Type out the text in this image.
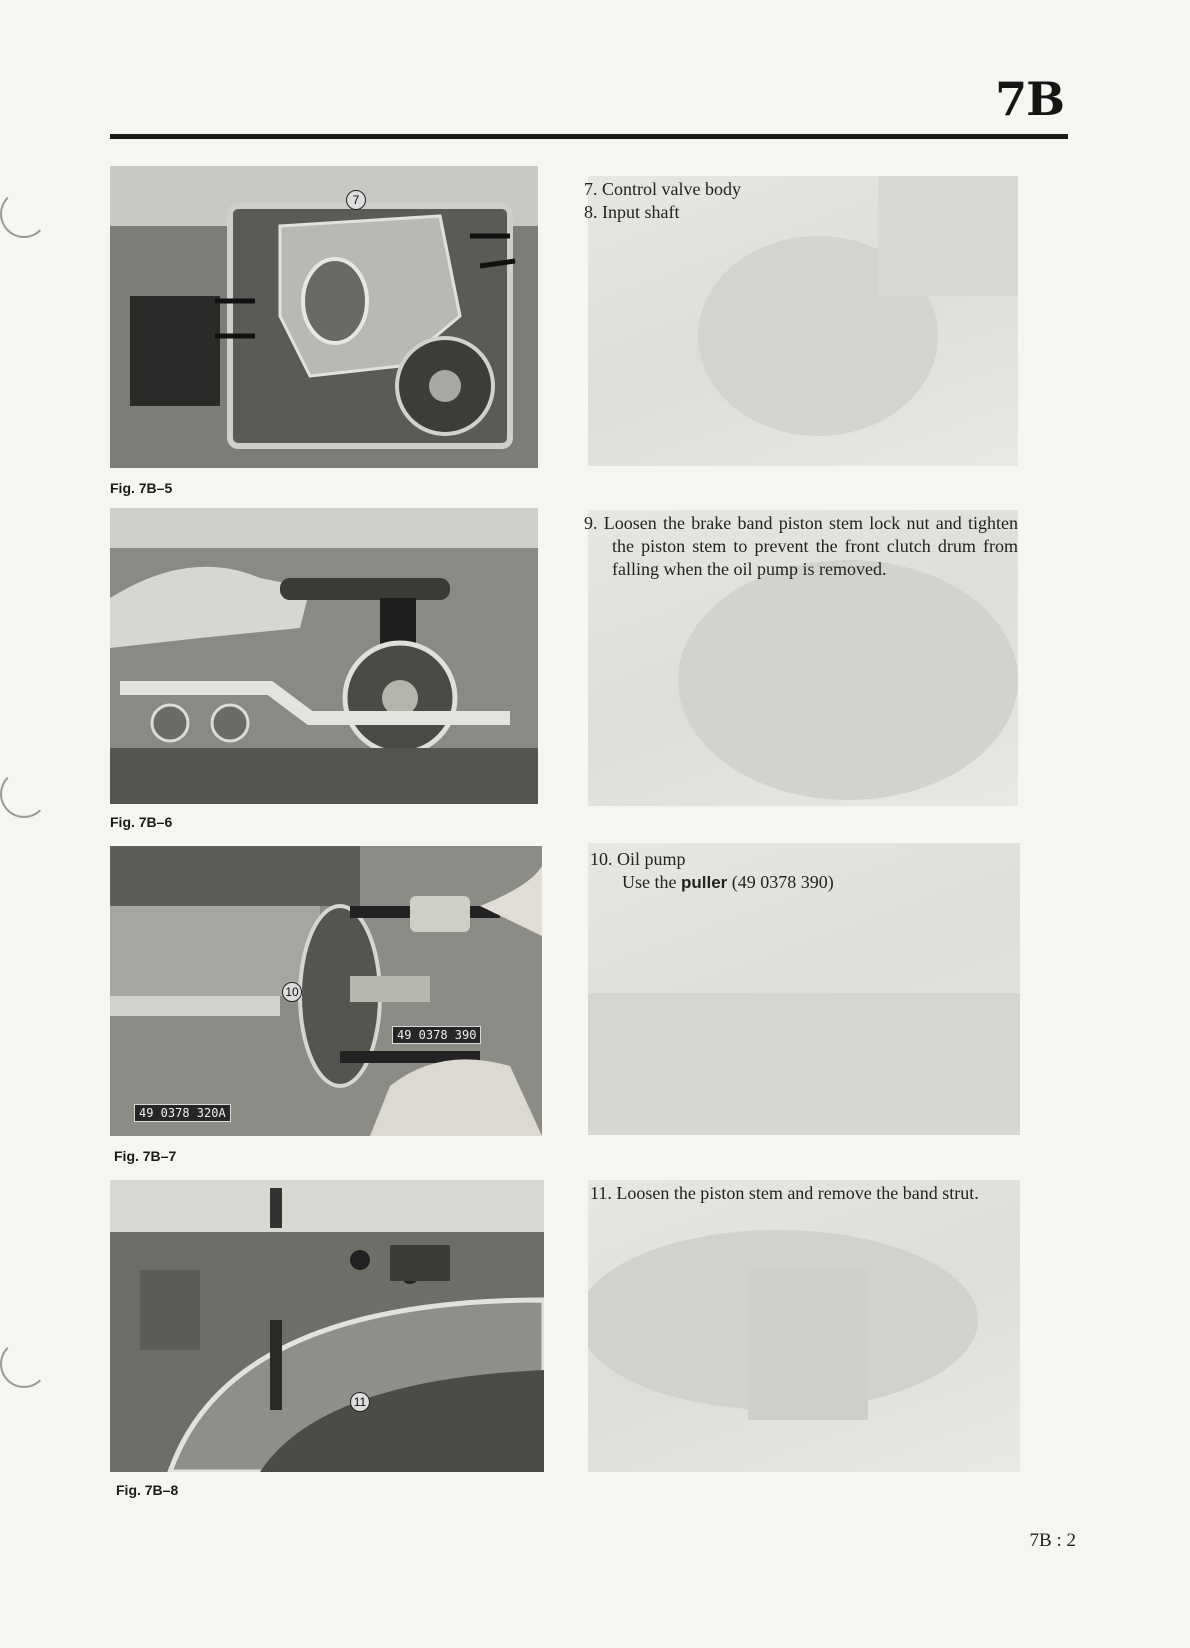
7B
7
Fig. 7B–5
Fig. 7B–6
10
49 0378 390
49 0378 320A
Fig. 7B–7
11
Fig. 7B–8
7. Control valve body
8. Input shaft
9. Loosen the brake band piston stem lock nut and tighten the piston stem to prevent the front clutch drum from falling when the oil pump is removed.
10. Oil pump
Use the puller (49 0378 390)
11. Loosen the piston stem and remove the band strut.
7B : 2
